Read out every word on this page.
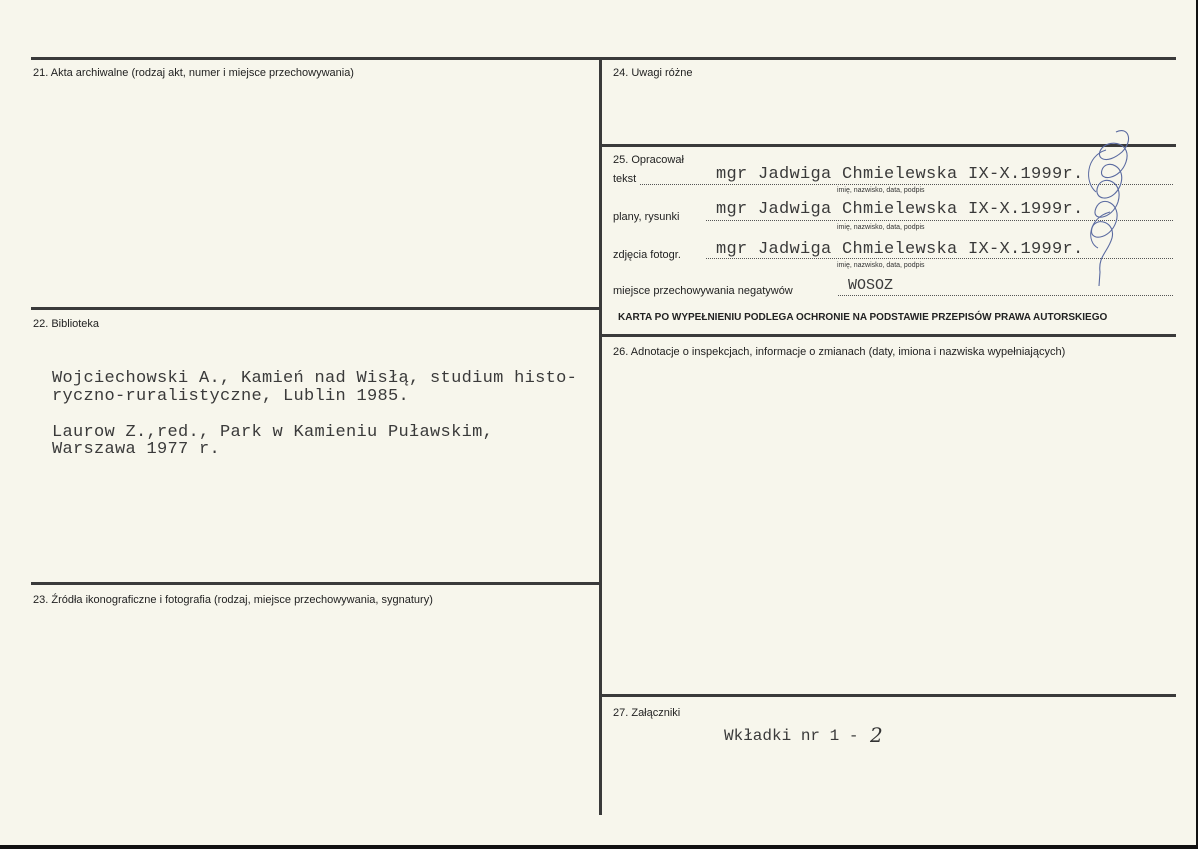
21. Akta archiwalne (rodzaj akt, numer i miejsce przechowywania)
22. Biblioteka
Wojciechowski A., Kamień nad Wisłą, studium histo-
ryczno-ruralistyczne, Lublin 1985.
Laurow Z.,red., Park w Kamieniu Puławskim,
Warszawa 1977 r.
23. Źródła ikonograficzne i fotografia (rodzaj, miejsce przechowywania, sygnatury)
24. Uwagi różne
25. Opracował
tekst	mgr Jadwiga Chmielewska IX-X.1999r.
imię, nazwisko, data, podpis
plany, rysunki mgr Jadwiga Chmielewska IX-X.1999r.
imię, nazwisko, data, podpis
zdjęcia fotogr. mgr Jadwiga Chmielewska IX-X.1999r.
imię, nazwisko, data, podpis
miejsce przechowywania negatywów	WOSOZ
KARTA PO WYPEŁNIENIU PODLEGA OCHRONIE NA PODSTAWIE PRZEPISÓW PRAWA AUTORSKIEGO
26. Adnotacje o inspekcjach, informacje o zmianach (daty, imiona i nazwiska wypełniających)
27. Załączniki
Wkładki nr 1 - 2
